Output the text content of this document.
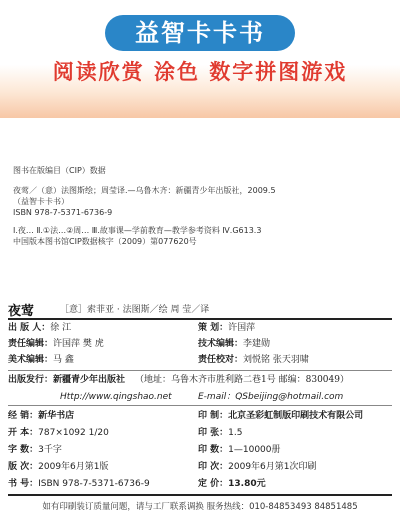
益智卡卡书
阅读欣赏 涂色 数字拼图游戏
图书在版编目（CIP）数据
夜莺／（意）法图斯绘；周莹译.—乌鲁木齐：新疆青少年出版社，2009.5
（益智卡卡书）
ISBN 978-7-5371-6736-9
Ⅰ.夜… Ⅱ.①法…②周… Ⅲ.故事课—学前教育—教学参考资料 Ⅳ.G613.3
中国版本图书馆CIP数据核字（2009）第077620号
夜莺	［意］索菲亚 · 法图斯／绘 周 莹／译
出 版 人：徐 江	策 划：许国萍
责任编辑：许国萍 樊 虎	技术编辑：李建勋
美术编辑：马 鑫	责任校对：刘悦铭 张天羽啸
出版发行：新疆青少年出版社 （地址：乌鲁木齐市胜利路二巷1号 邮编：830049）
Http://www.qingshao.net	E-mail：QSbeijing@hotmail.com
经 销：新华书店	印 制：北京圣彩虹制版印刷技术有限公司
开 本：787×1092 1/20	印 张：1.5
字 数：3千字	印 数：1—10000册
版 次：2009年6月第1版	印 次：2009年6月第1次印刷
书 号：ISBN 978-7-5371-6736-9	定 价：13.80元
如有印刷装订质量问题，请与工厂联系调换 服务热线：010-84853493 84851485
